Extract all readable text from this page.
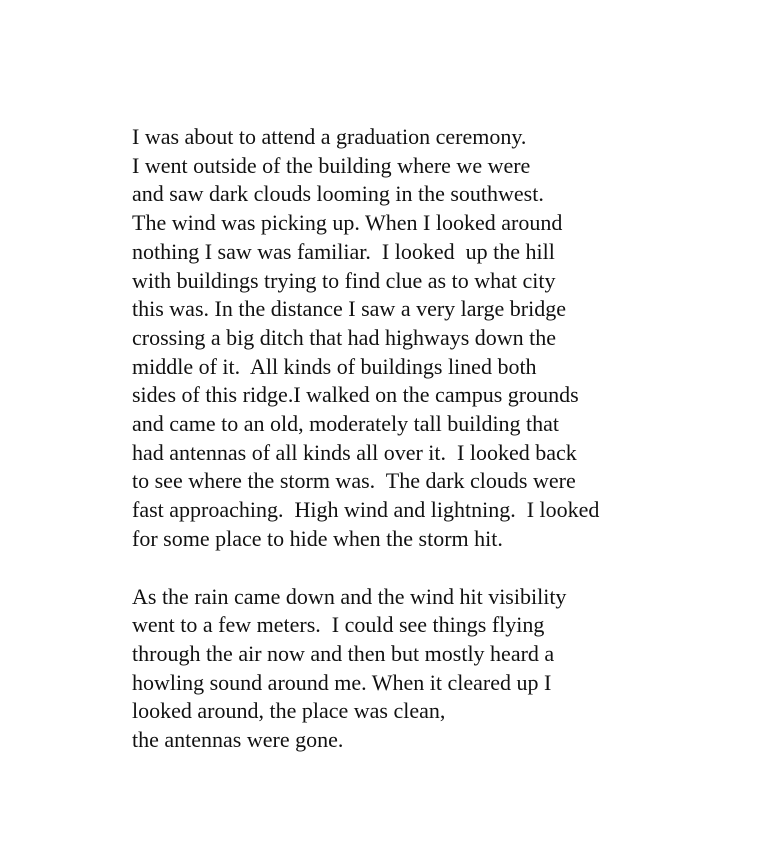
I was about to attend a graduation ceremony.
I went outside of the building where we were
and saw dark clouds looming in the southwest.
The wind was picking up. When I looked around
nothing I saw was familiar.  I looked  up the hill
with buildings trying to find clue as to what city
this was. In the distance I saw a very large bridge
crossing a big ditch that had highways down the
middle of it.  All kinds of buildings lined both
sides of this ridge.I walked on the campus grounds
and came to an old, moderately tall building that
had antennas of all kinds all over it.  I looked back
to see where the storm was.  The dark clouds were
fast approaching.  High wind and lightning.  I looked
for some place to hide when the storm hit.

As the rain came down and the wind hit visibility
went to a few meters.  I could see things flying
through the air now and then but mostly heard a
howling sound around me. When it cleared up I
looked around, the place was clean,
the antennas were gone.
